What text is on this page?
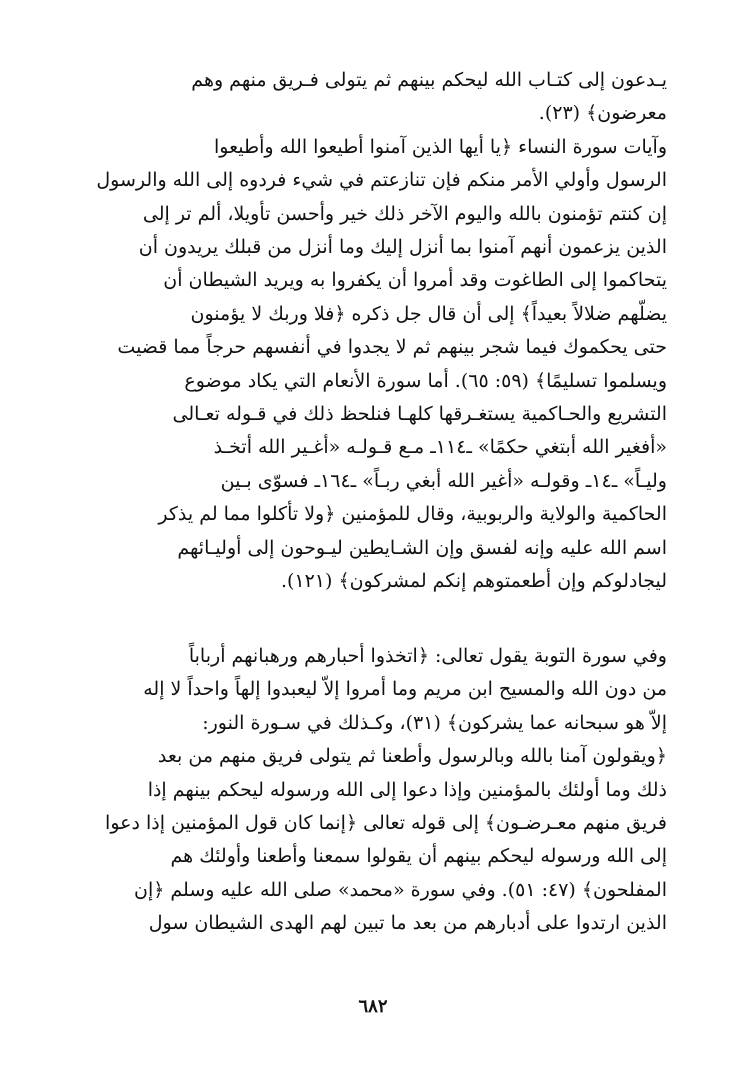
يـدعون إلى كتـاب الله ليحكم بينهم ثم يتولى فـريق منهم وهم
معرضون﴾ (٢٣).
وآيات سورة النساء ﴿يا أيها الذين آمنوا أطيعوا الله وأطيعوا
الرسول وأولي الأمر منكم فإن تنازعتم في شيء فردوه إلى الله والرسول
إن كنتم تؤمنون بالله واليوم الآخر ذلك خير وأحسن تأويلا، ألم تر إلى
الذين يزعمون أنهم آمنوا بما أنزل إليك وما أنزل من قبلك يريدون أن
يتحاكموا إلى الطاغوت وقد أمروا أن يكفروا به ويريد الشيطان أن
يضلّهم ضلالاً بعيداً﴾ إلى أن قال جل ذكره ﴿فلا وربك لا يؤمنون
حتى يحكموك فيما شجر بينهم ثم لا يجدوا في أنفسهم حرجاً مما قضيت
ويسلموا تسليمًا﴾ (٥٩: ٦٥). أما سورة الأنعام التي يكاد موضوع
التشريع والحـاكمية يستغـرقها كلهـا فنلحظ ذلك في قـوله تعـالى
«أفغير الله أبتغي حكمًا» ـ١١٤ـ مـع قـولـه «أغـير الله أتخـذ
وليـاً» ـ١٤ـ وقولـه «أغير الله أبغي ربـاً» ـ١٦٤ـ فسوّى بـين
الحاكمية والولاية والربوبية، وقال للمؤمنين ﴿ولا تأكلوا مما لم يذكر
اسم الله عليه وإنه لفسق وإن الشـايطين ليـوحون إلى أوليـائهم
ليجادلوكم وإن أطعمتوهم إنكم لمشركون﴾ (١٢١).
وفي سورة التوبة يقول تعالى: ﴿اتخذوا أحبارهم ورهبانهم أرباباً
من دون الله والمسيح ابن مريم وما أمروا إلاّ ليعبدوا إلهاً واحداً لا إله
إلاّ هو سبحانه عما يشركون﴾ (٣١)، وكـذلك في سـورة النور:
﴿ويقولون آمنا بالله وبالرسول وأطعنا ثم يتولى فريق منهم من بعد
ذلك وما أولئك بالمؤمنين وإذا دعوا إلى الله ورسوله ليحكم بينهم إذا
فريق منهم معـرضـون﴾ إلى قوله تعالى ﴿إنما كان قول المؤمنين إذا دعوا
إلى الله ورسوله ليحكم بينهم أن يقولوا سمعنا وأطعنا وأولئك هم
المفلحون﴾ (٤٧: ٥١). وفي سورة «محمد» صلى الله عليه وسلم ﴿إن
الذين ارتدوا على أدبارهم من بعد ما تبين لهم الهدى الشيطان سول
٦٨٢
